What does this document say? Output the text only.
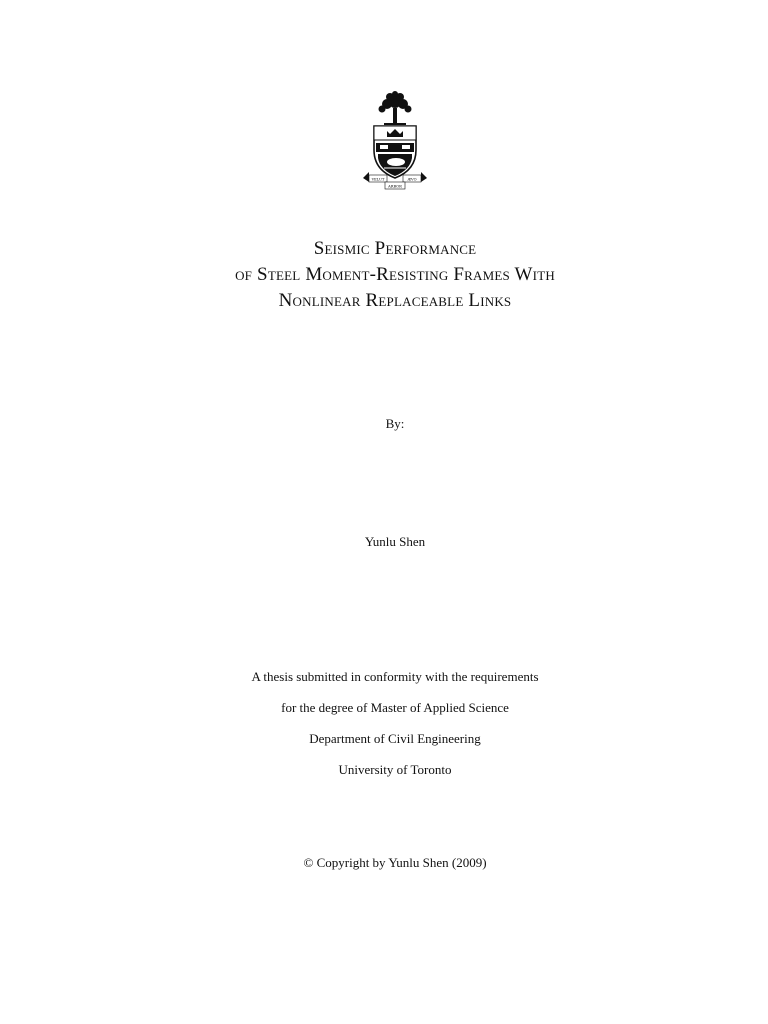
VELUT	ÆVO
ARBOR
Seismic Performance
of Steel Moment-Resisting Frames With
Nonlinear Replaceable Links
By:
Yunlu Shen
A thesis submitted in conformity with the requirements
for the degree of Master of Applied Science
Department of Civil Engineering
University of Toronto
© Copyright by Yunlu Shen (2009)
